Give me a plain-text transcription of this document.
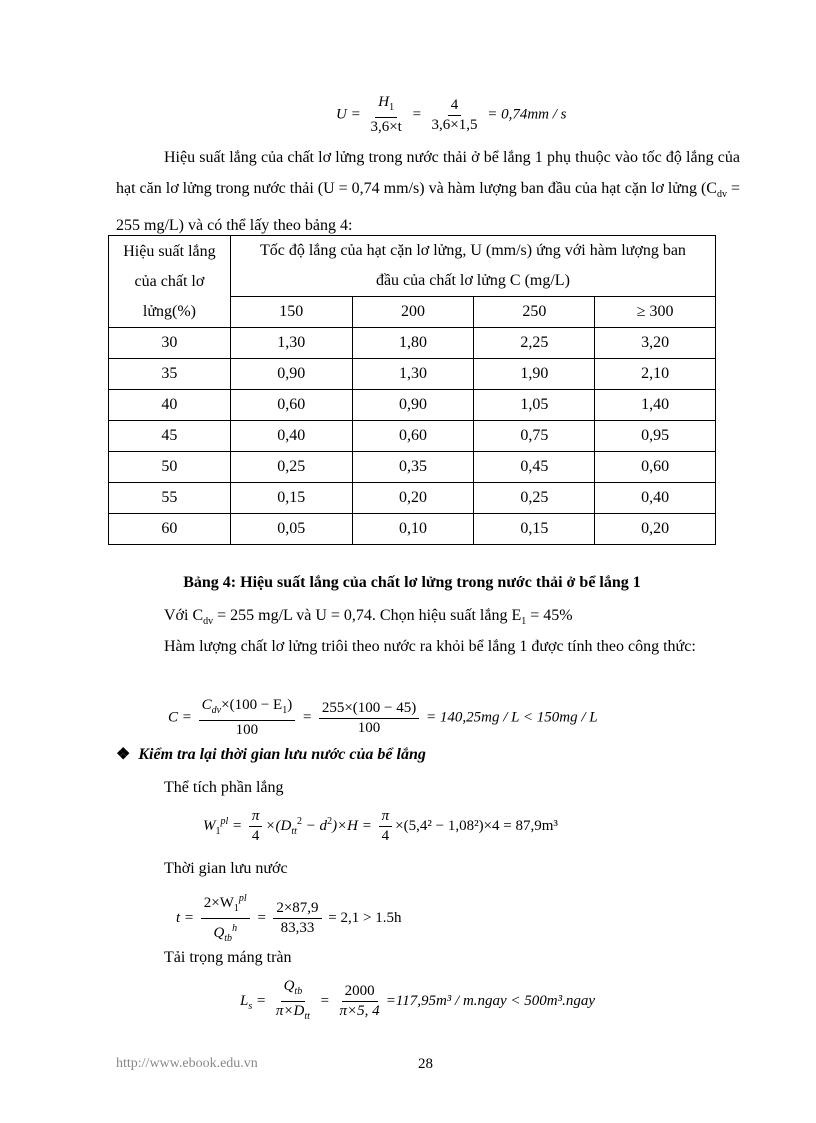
$U = \frac{H_1}{3,6\times t} = \frac{4}{3,6\times 1,5} = 0,74mm / s$
Hiệu suất lắng của chất lơ lửng trong nước thải ở bể lắng 1 phụ thuộc vào tốc độ lắng của hạt căn lơ lửng trong nước thải (U = 0,74 mm/s) và hàm lượng ban đầu của hạt cặn lơ lửng ($C_{dv} = 255$ mg/L) và có thể lấy theo bảng 4:
Hiệu suất lắng của chất lơ lửng(%)	Tốc độ lắng của hạt cặn lơ lửng, U (mm/s) ứng với hàm lượng ban đầu của chất lơ lửng C (mg/L)			

	150	200	250	≥ 300
30	1,30	1,80	2,25	3,20
35	0,90	1,30	1,90	2,10
40	0,60	0,90	1,05	1,40
45	0,40	0,60	0,75	0,95
50	0,25	0,35	0,45	0,60
55	0,15	0,20	0,25	0,40
60	0,05	0,10	0,15	0,20
Bảng 4: Hiệu suất lắng của chất lơ lửng trong nước thải ở bể lắng 1
Với $C_{dv} = 255$ mg/L và U = 0,74. Chọn hiệu suất lắng $E_1 = 45\%$
Hàm lượng chất lơ lửng triôi theo nước ra khỏi bể lắng 1 được tính theo công thức:
$C = \frac{C_{dv}\times(100 - E_1)}{100} = \frac{255\times(100 - 45)}{100} = 140,25mg / L < 150mg / L$
❖ Kiểm tra lại thời gian lưu nước của bể lắng
Thể tích phần lắng
$W_1^{pl} = \frac{\pi}{4} \times(D_{tt}^2 - d^2)\times H = \frac{\pi}{4} \times(5,4^2 - 1,08^2)\times 4 = 87,9m^3$
Thời gian lưu nước
$t = \frac{2\times W_1^{pl}}{Q_{tb}^h} = \frac{2\times 87,9}{83,33} = 2,1 > 1.5h$
Tải trọng máng tràn
$L_s = \frac{Q_{tb}}{\pi\times D_{tt}} = \frac{2000}{\pi\times 5, 4} =117,95m^3$ / m.ngay < 500m³.ngay
http://www.ebook.edu.vn	28
